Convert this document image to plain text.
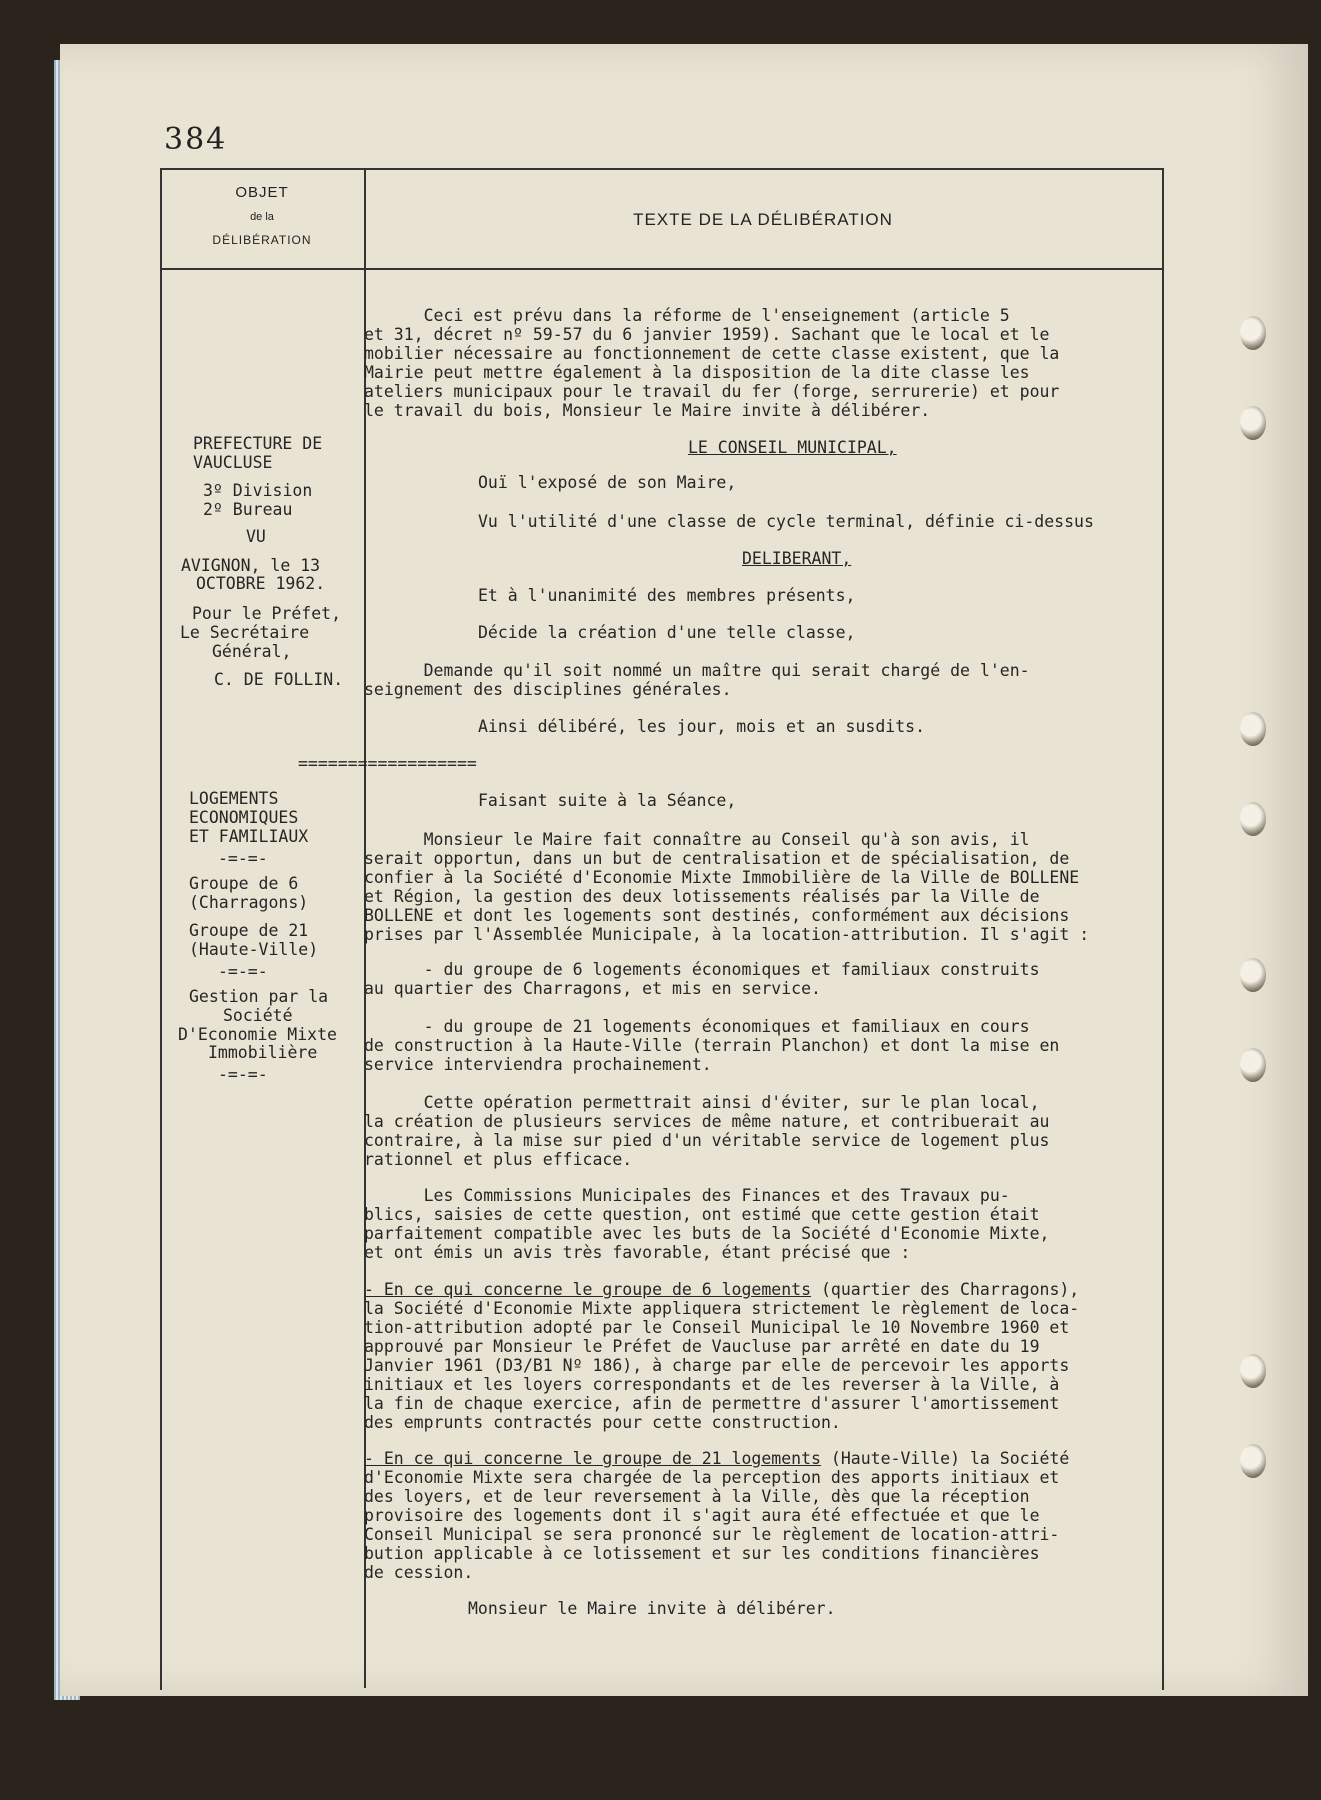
384
OBJET
de la
DÉLIBÉRATION
TEXTE DE LA DÉLIBÉRATION
PREFECTURE DE
VAUCLUSE
3º Division
2º Bureau
VU
AVIGNON, le 13
OCTOBRE 1962.
Pour le Préfet,
Le Secrétaire
Général,
C. DE FOLLIN.
==================
LOGEMENTS
ECONOMIQUES
ET FAMILIAUX
-=-=-
Groupe de 6
(Charragons)
Groupe de 21
(Haute-Ville)
-=-=-
Gestion par la
Société
D'Economie Mixte
Immobilière
-=-=-
Ceci est prévu dans la réforme de l'enseignement (article 5
et 31, décret nº 59-57 du 6 janvier 1959). Sachant que le local et le
mobilier nécessaire au fonctionnement de cette classe existent, que la
Mairie peut mettre également à la disposition de la dite classe les
ateliers municipaux pour le travail du fer (forge, serrurerie) et pour
le travail du bois, Monsieur le Maire invite à délibérer.
LE CONSEIL MUNICIPAL,
Ouï l'exposé de son Maire,
Vu l'utilité d'une classe de cycle terminal, définie ci-dessus
DELIBERANT,
Et à l'unanimité des membres présents,
Décide la création d'une telle classe,
Demande qu'il soit nommé un maître qui serait chargé de l'en-
seignement des disciplines générales.
Ainsi délibéré, les jour, mois et an susdits.
Faisant suite à la Séance,
Monsieur le Maire fait connaître au Conseil qu'à son avis, il
serait opportun, dans un but de centralisation et de spécialisation, de
confier à la Société d'Economie Mixte Immobilière de la Ville de BOLLENE
et Région, la gestion des deux lotissements réalisés par la Ville de
BOLLENE et dont les logements sont destinés, conformément aux décisions
prises par l'Assemblée Municipale, à la location-attribution. Il s'agit :
- du groupe de 6 logements économiques et familiaux construits
au quartier des Charragons, et mis en service.
- du groupe de 21 logements économiques et familiaux en cours
de construction à la Haute-Ville (terrain Planchon) et dont la mise en
service interviendra prochainement.
Cette opération permettrait ainsi d'éviter, sur le plan local,
la création de plusieurs services de même nature, et contribuerait au
contraire, à la mise sur pied d'un véritable service de logement plus
rationnel et plus efficace.
Les Commissions Municipales des Finances et des Travaux pu-
blics, saisies de cette question, ont estimé que cette gestion était
parfaitement compatible avec les buts de la Société d'Economie Mixte,
et ont émis un avis très favorable, étant précisé que :
- En ce qui concerne le groupe de 6 logements (quartier des Charragons),
la Société d'Economie Mixte appliquera strictement le règlement de loca-
tion-attribution adopté par le Conseil Municipal le 10 Novembre 1960 et
approuvé par Monsieur le Préfet de Vaucluse par arrêté en date du 19
Janvier 1961 (D3/B1 Nº 186), à charge par elle de percevoir les apports
initiaux et les loyers correspondants et de les reverser à la Ville, à
la fin de chaque exercice, afin de permettre d'assurer l'amortissement
des emprunts contractés pour cette construction.
- En ce qui concerne le groupe de 21 logements (Haute-Ville) la Société
d'Economie Mixte sera chargée de la perception des apports initiaux et
des loyers, et de leur reversement à la Ville, dès que la réception
provisoire des logements dont il s'agit aura été effectuée et que le
Conseil Municipal se sera prononcé sur le règlement de location-attri-
bution applicable à ce lotissement et sur les conditions financières
de cession.
Monsieur le Maire invite à délibérer.
